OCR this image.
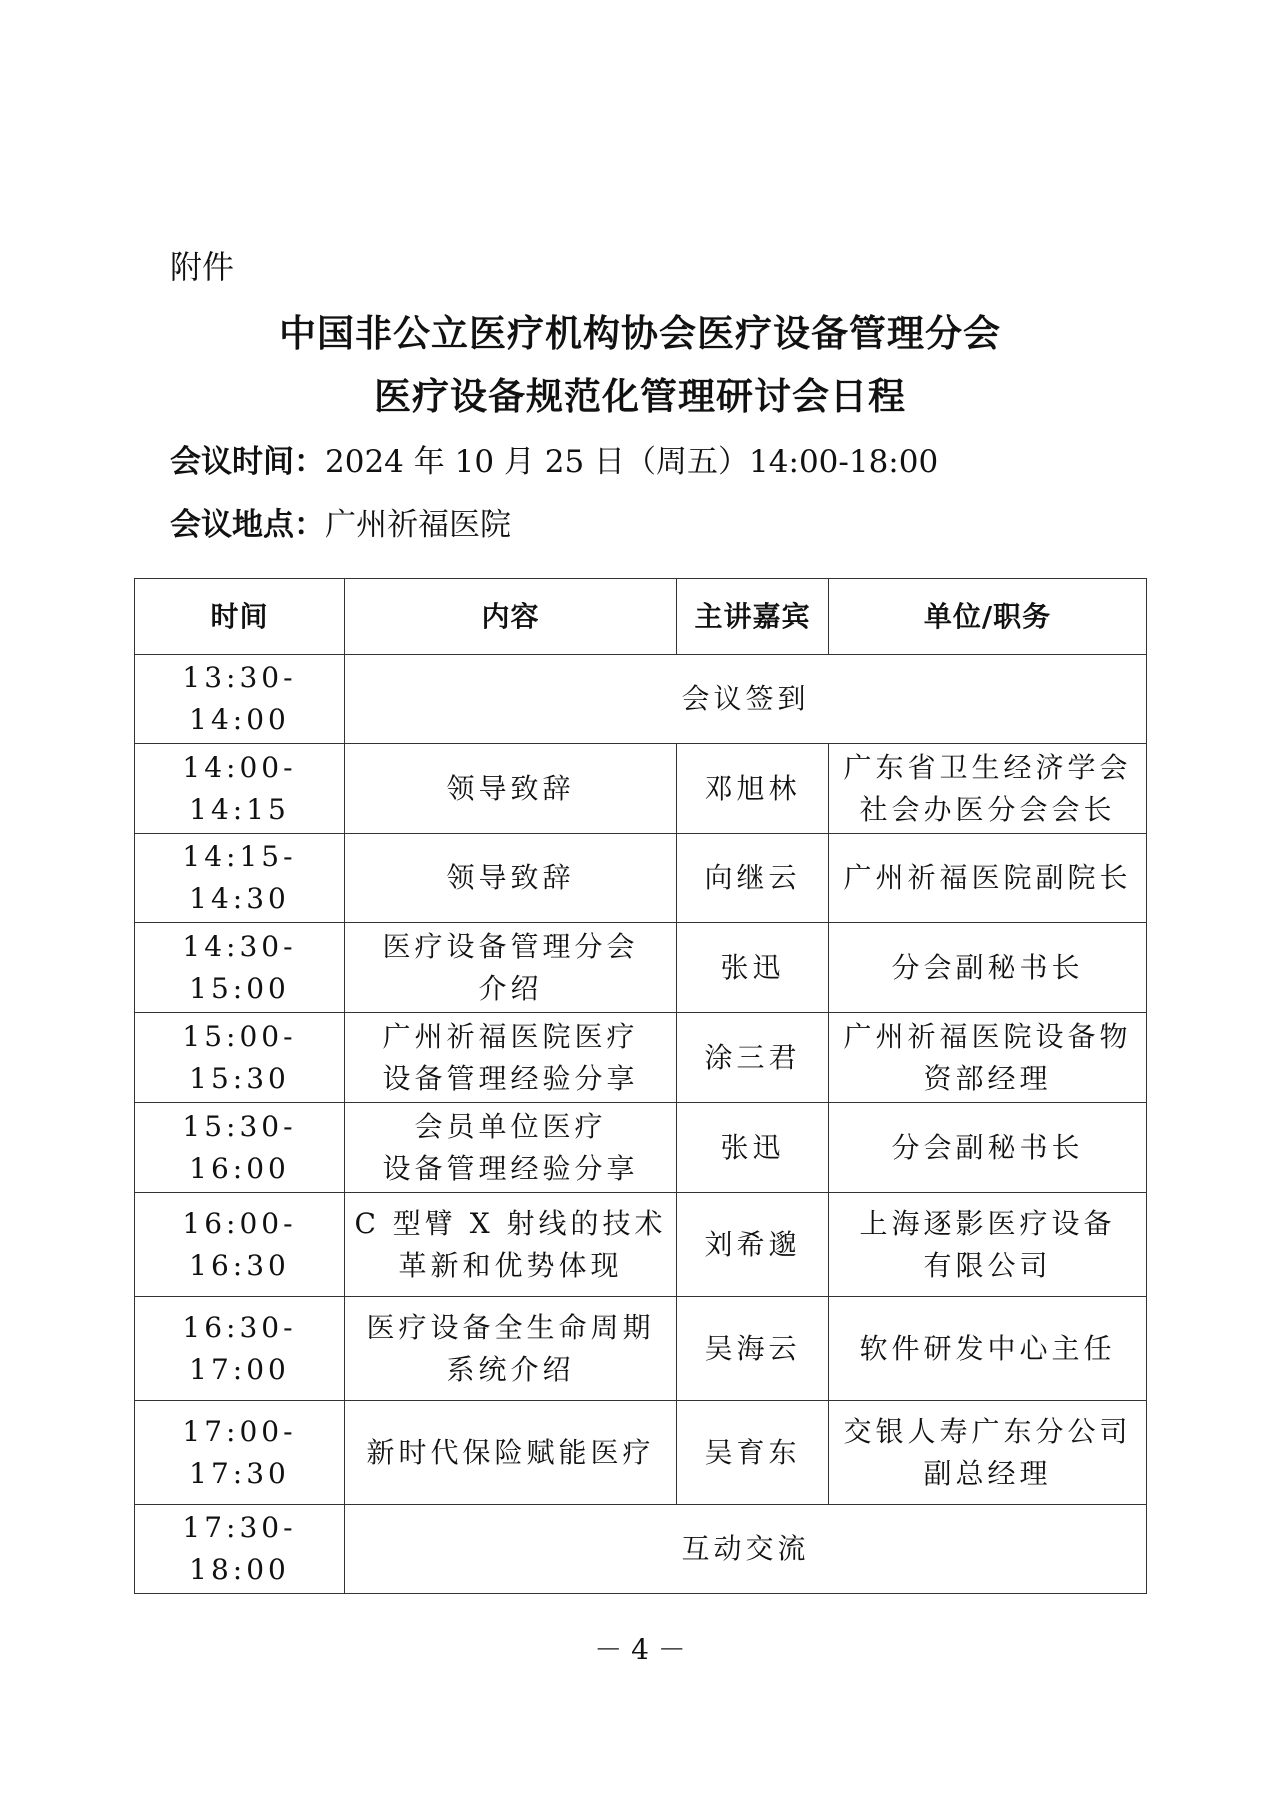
附件
中国非公立医疗机构协会医疗设备管理分会
医疗设备规范化管理研讨会日程
会议时间：2024 年 10 月 25 日（周五）14:00-18:00
会议地点：广州祈福医院
时间	内容	主讲嘉宾	单位/职务
13:30-14:00	会议签到		
14:00-14:15	领导致辞	邓旭林	广东省卫生经济学会
社会办医分会会长

14:15-14:30	领导致辞	向继云	广州祈福医院副院长

14:30-15:00	医疗设备管理分会
介绍	张迅	分会副秘书长

15:00-15:30	广州祈福医院医疗
设备管理经验分享	涂三君	广州祈福医院设备物
资部经理

15:30-16:00	会员单位医疗
设备管理经验分享	张迅	分会副秘书长

16:00-16:30	C 型臂 X 射线的技术
革新和优势体现	刘希邈	上海逐影医疗设备
有限公司

16:30-17:00	医疗设备全生命周期
系统介绍	吴海云	软件研发中心主任

17:00-17:30	新时代保险赋能医疗	吴育东	交银人寿广东分公司
副总经理

17:30-18:00	互动交流		
－ 4 －
